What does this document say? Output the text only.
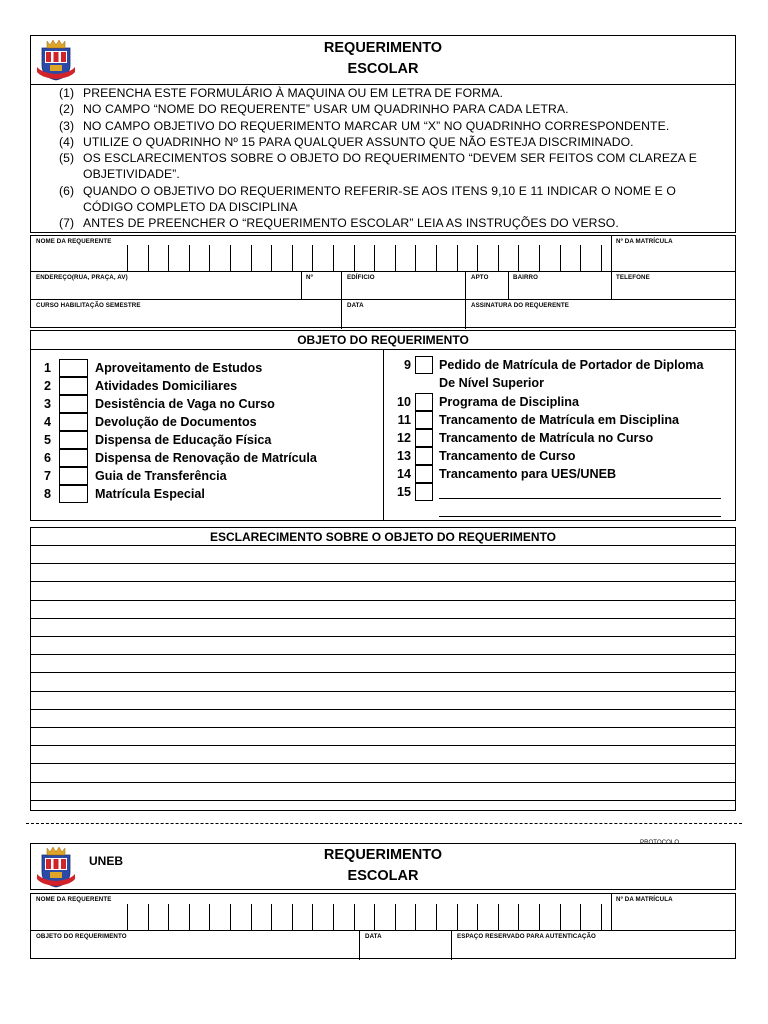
REQUERIMENTO
ESCOLAR
(1) PREENCHA ESTE FORMULÁRIO À MAQUINA OU EM LETRA DE FORMA.
(2) NO CAMPO “NOME DO REQUERENTE” USAR UM QUADRINHO PARA CADA LETRA.
(3) NO CAMPO OBJETIVO DO REQUERIMENTO MARCAR UM “X” NO QUADRINHO CORRESPONDENTE.
(4) UTILIZE O QUADRINHO Nº 15 PARA QUALQUER ASSUNTO QUE NÃO ESTEJA DISCRIMINADO.
(5) OS ESCLARECIMENTOS SOBRE O OBJETO DO REQUERIMENTO “DEVEM SER FEITOS COM CLAREZA E OBJETIVIDADE”.
(6) QUANDO O OBJETIVO DO REQUERIMENTO REFERIR-SE AOS ITENS 9,10 E 11 INDICAR O NOME E O CÓDIGO COMPLETO DA DISCIPLINA
(7) ANTES DE PREENCHER O “REQUERIMENTO ESCOLAR” LEIA AS INSTRUÇÕES DO VERSO.
NOME DA REQUERENTE	Nº DA MATRÍCULA
ENDEREÇO(RUA, PRAÇA, AV)	Nº	EDÍFICIO	APTO	BAIRRO	TELEFONE
CURSO HABILITAÇÃO SEMESTRE	DATA	ASSINATURA DO REQUERENTE
OBJETO DO REQUERIMENTO
1	Aproveitamento de Estudos
2	Atividades Domiciliares
3	Desistência de Vaga no Curso
4	Devolução de Documentos
5	Dispensa de Educação Física
6	Dispensa de Renovação de Matrícula
7	Guia de Transferência
8	Matrícula Especial
9 Pedido de Matrícula de Portador de Diploma
De Nível Superior
10 Programa de Disciplina
11 Trancamento de Matrícula em Disciplina
12 Trancamento de Matrícula no Curso
13 Trancamento de Curso
14 Trancamento para UES/UNEB
15
ESCLARECIMENTO SOBRE O OBJETO DO REQUERIMENTO
PROTOCOLO
UNEB	REQUERIMENTO
ESCOLAR
NOME DA REQUERENTE	Nº DA MATRÍCULA
OBJETO DO REQUERIMENTO	DATA	ESPAÇO RESERVADO PARA AUTENTICAÇÃO
